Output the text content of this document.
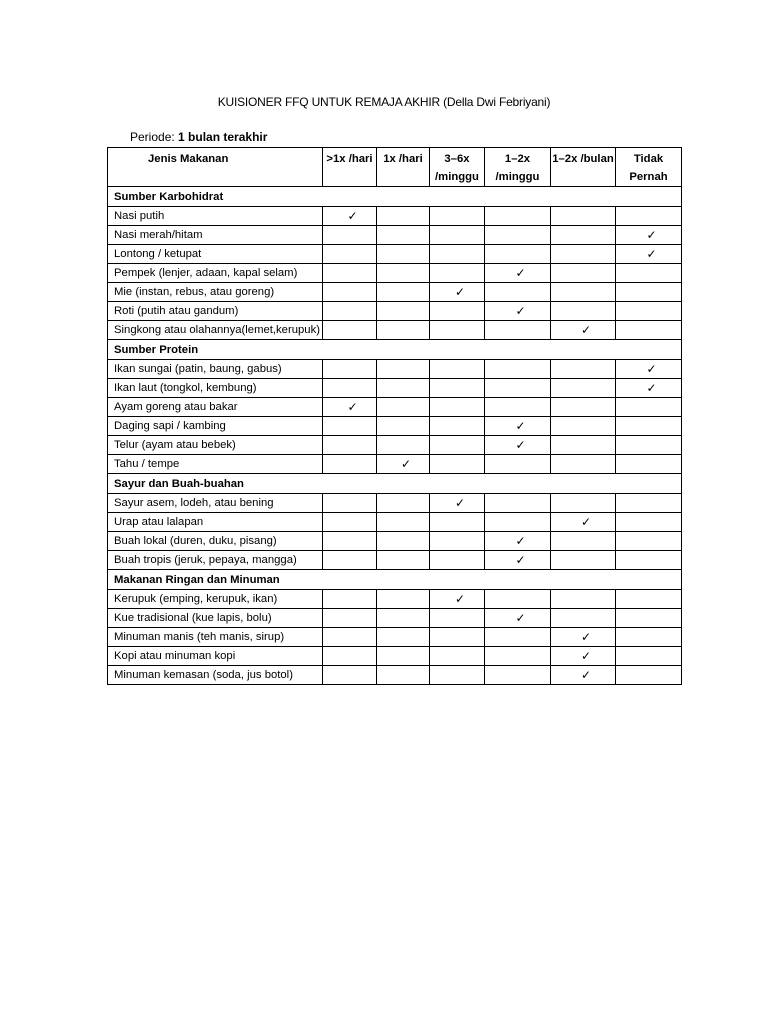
KUISIONER FFQ UNTUK REMAJA AKHIR (Della Dwi Febriyani)
Periode: 1 bulan terakhir
Jenis Makanan	>1x /hari	1x /hari	3–6x /minggu	1–2x /minggu	1–2x /bulan	Tidak Pernah
Sumber Karbohidrat						
Nasi putih	✓					
Nasi merah/hitam						✓
Lontong / ketupat						✓
Pempek (lenjer, adaan, kapal selam)				✓		
Mie (instan, rebus, atau goreng)			✓			
Roti (putih atau gandum)				✓		
Singkong atau olahannya(lemet,kerupuk)					✓	
Sumber Protein						
Ikan sungai (patin, baung, gabus)						✓
Ikan laut (tongkol, kembung)						✓
Ayam goreng atau bakar	✓					
Daging sapi / kambing				✓		
Telur (ayam atau bebek)				✓		
Tahu / tempe		✓				
Sayur dan Buah-buahan						
Sayur asem, lodeh, atau bening			✓			
Urap atau lalapan					✓	
Buah lokal (duren, duku, pisang)				✓		
Buah tropis (jeruk, pepaya, mangga)				✓		
Makanan Ringan dan Minuman						
Kerupuk (emping, kerupuk, ikan)			✓			
Kue tradisional (kue lapis, bolu)				✓		
Minuman manis (teh manis, sirup)					✓	
Kopi atau minuman kopi					✓	
Minuman kemasan (soda, jus botol)					✓	
